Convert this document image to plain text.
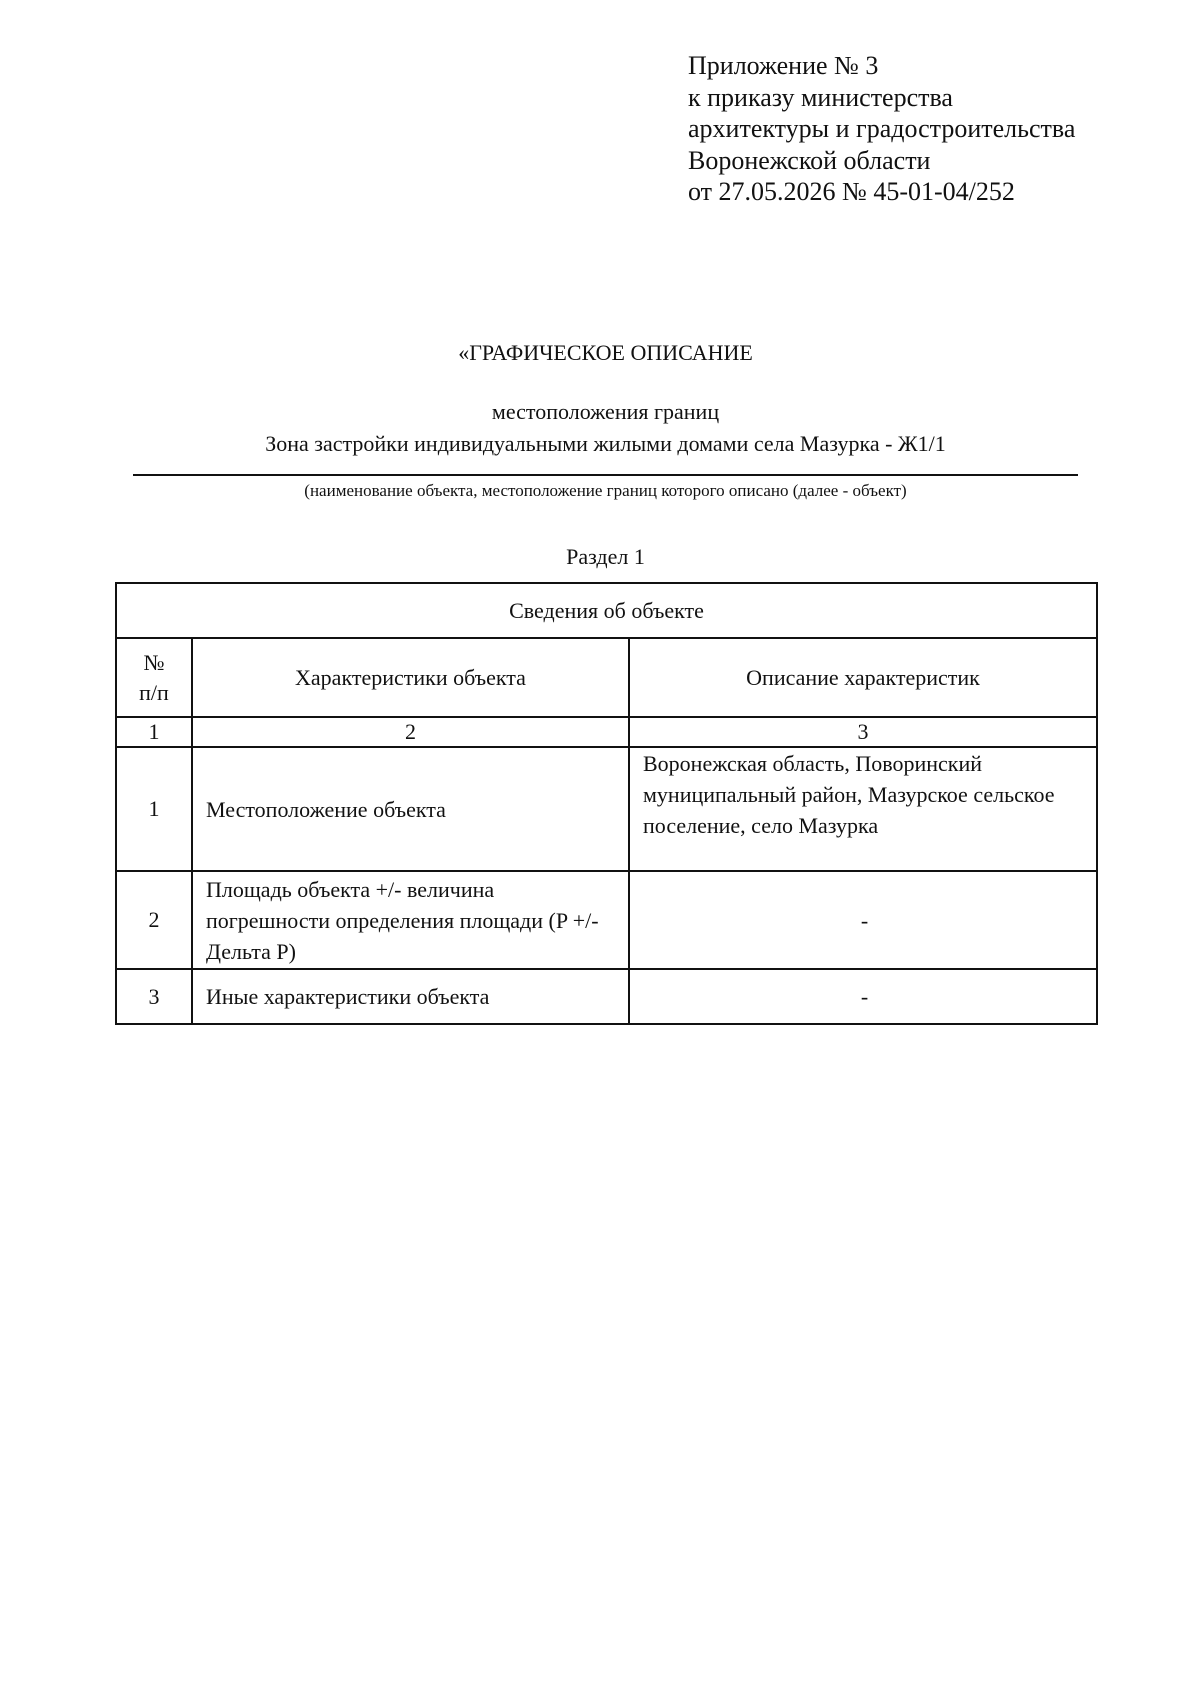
Приложение № 3
к приказу министерства
архитектуры и градостроительства
Воронежской области
от 27.05.2026 № 45-01-04/252
«ГРАФИЧЕСКОЕ ОПИСАНИЕ
местоположения границ
Зона застройки индивидуальными жилыми домами села Мазурка - Ж1/1
(наименование объекта, местоположение границ которого описано (далее - объект)
Раздел 1
Сведения об объекте		

№
п/п	Характеристики объекта	Описание характеристик
1	2	3
1	Местоположение объекта	Воронежская область, Поворинский муниципальный район, Мазурское сельское поселение, село Мазурка
2	Площадь объекта +/- величина погрешности определения площади (P +/- Дельта P)	-
3	Иные характеристики объекта	-
